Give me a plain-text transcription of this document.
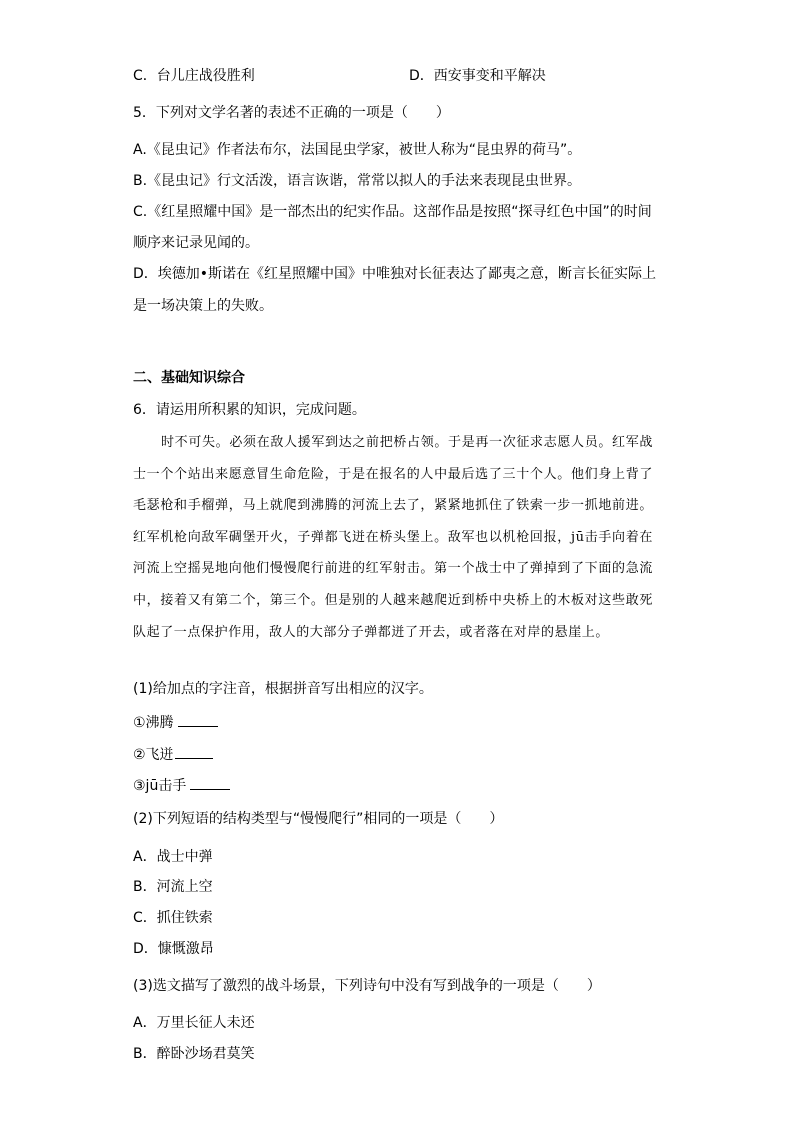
C．台儿庄战役胜利	D．西安事变和平解决
5．下列对文学名著的表述不正确的一项是（　　）
A.《昆虫记》作者法布尔，法国昆虫学家，被世人称为“昆虫界的荷马”。
B.《昆虫记》行文活泼，语言诙谐，常常以拟人的手法来表现昆虫世界。
C.《红星照耀中国》是一部杰出的纪实作品。这部作品是按照“探寻红色中国”的时间
顺序来记录见闻的。
D．埃德加•斯诺在《红星照耀中国》中唯独对长征表达了鄙夷之意，断言长征实际上
是一场决策上的失败。
二、基础知识综合
6．请运用所积累的知识，完成问题。
时不可失。必须在敌人援军到达之前把桥占领。于是再一次征求志愿人员。红军战士一个个站出来愿意冒生命危险，于是在报名的人中最后选了三十个人。他们身上背了毛瑟枪和手榴弹，马上就爬到沸腾的河流上去了，紧紧地抓住了铁索一步一抓地前进。红军机枪向敌军碉堡开火，子弹都飞迸在桥头堡上。敌军也以机枪回报，jū击手向着在河流上空摇晃地向他们慢慢爬行前进的红军射击。第一个战士中了弹掉到了下面的急流中，接着又有第二个，第三个。但是别的人越来越爬近到桥中央桥上的木板对这些敢死队起了一点保护作用，敌人的大部分子弹都迸了开去，或者落在对岸的悬崖上。
(1)给加点的字注音，根据拼音写出相应的汉字。
①沸腾
②飞迸
③jū击手
(2)下列短语的结构类型与“慢慢爬行”相同的一项是（　　）
A．战士中弹
B．河流上空
C．抓住铁索
D．慷慨激昂
(3)选文描写了激烈的战斗场景，下列诗句中没有写到战争的一项是（　　）
A．万里长征人未还
B．醉卧沙场君莫笑
